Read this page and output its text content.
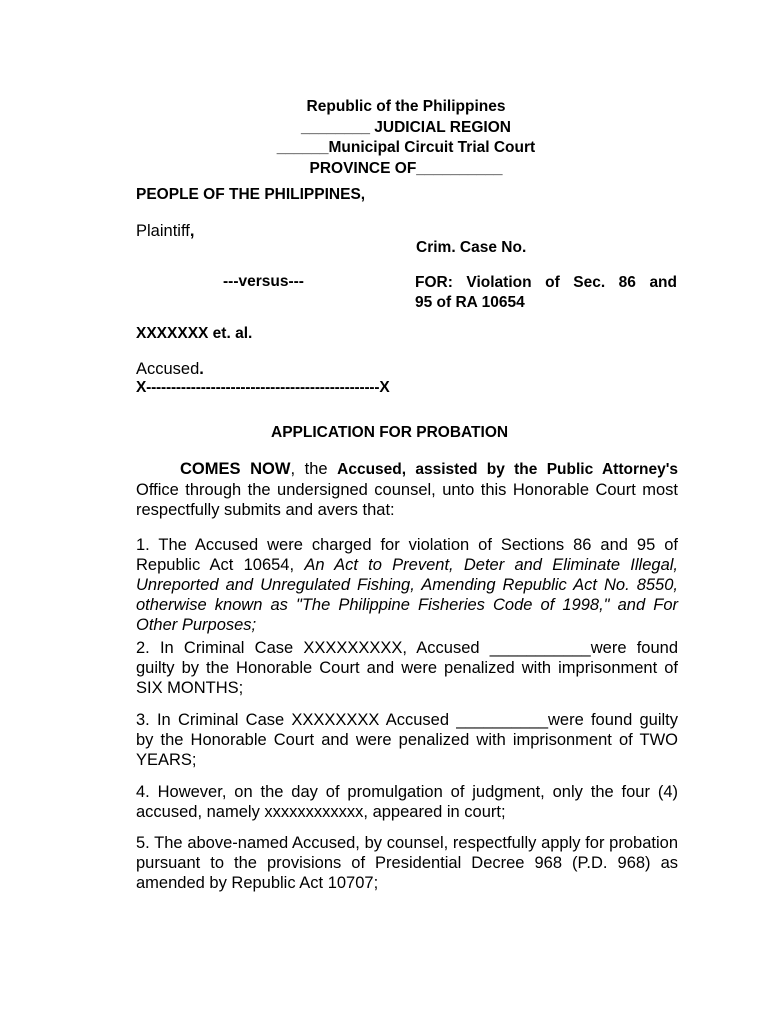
Republic of the Philippines
________ JUDICIAL REGION
______Municipal Circuit Trial Court
PROVINCE OF__________
PEOPLE OF THE PHILIPPINES,
Plaintiff,
Crim. Case No.
---versus---	FOR: Violation of Sec. 86 and
95 of RA 10654
XXXXXXX et. al.
Accused.
X-----------------------------------------------X
APPLICATION FOR PROBATION
COMES NOW, the Accused, assisted by the Public Attorney's Office through the undersigned counsel, unto this Honorable Court most respectfully submits and avers that:
1. The Accused were charged for violation of Sections 86 and 95 of Republic Act 10654, An Act to Prevent, Deter and Eliminate Illegal, Unreported and Unregulated Fishing, Amending Republic Act No. 8550, otherwise known as "The Philippine Fisheries Code of 1998," and For Other Purposes;
2. In Criminal Case XXXXXXXXX, Accused ___________were found guilty by the Honorable Court and were penalized with imprisonment of SIX MONTHS;
3. In Criminal Case XXXXXXXX Accused __________were found guilty by the Honorable Court and were penalized with imprisonment of TWO YEARS;
4. However, on the day of promulgation of judgment, only the four (4) accused, namely xxxxxxxxxxxx, appeared in court;
5. The above-named Accused, by counsel, respectfully apply for probation pursuant to the provisions of Presidential Decree 968 (P.D. 968) as amended by Republic Act 10707;
